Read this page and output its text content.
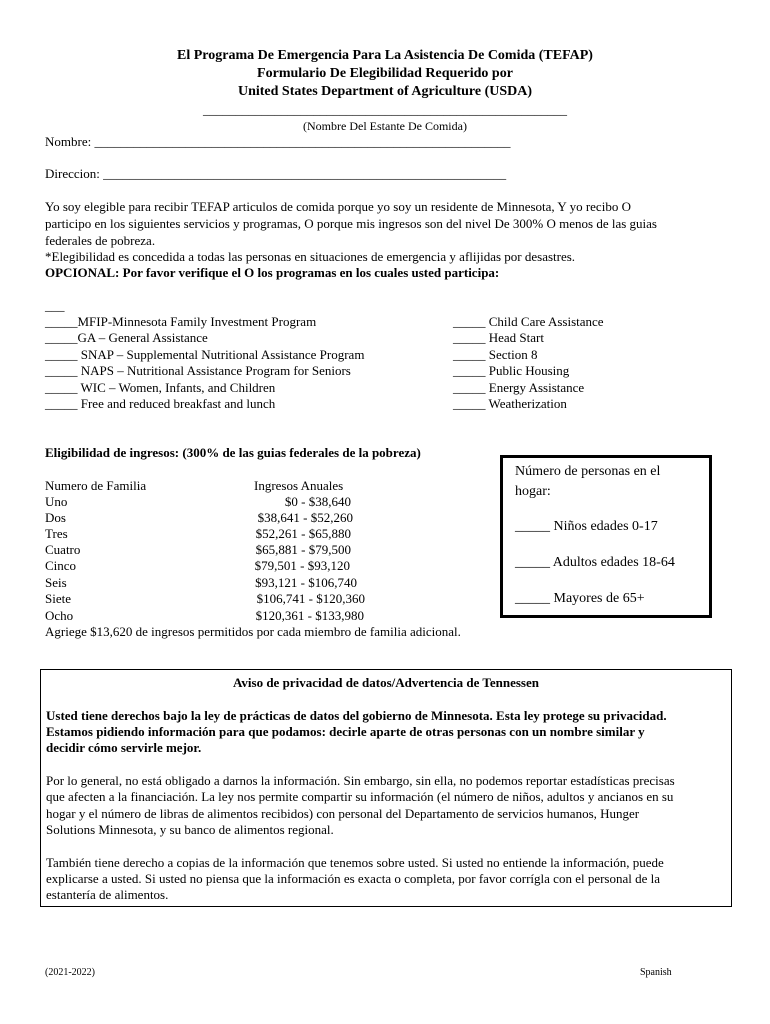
El Programa De Emergencia Para La Asistencia De Comida (TEFAP)
Formulario De Elegibilidad Requerido por
United States Department of Agriculture (USDA)
________________________________________________________
(Nombre Del Estante De Comida)
Nombre: ________________________________________________________________
Direccion: ______________________________________________________________
Yo soy elegible para recibir TEFAP articulos de comida porque yo soy un residente de Minnesota, Y yo recibo O
participo en los siguientes servicios y programas, O porque mis ingresos son del nivel De 300% O menos de las guias
federales de pobreza.
*Elegibilidad es concedida a todas las personas en situaciones de emergencia y aflijidas por desastres.
OPCIONAL: Por favor verifique el O los programas en los cuales usted participa:
___
_____MFIP-Minnesota Family Investment Program
_____GA – General Assistance
_____ SNAP – Supplemental Nutritional Assistance Program
_____ NAPS – Nutritional Assistance Program for Seniors
_____ WIC – Women, Infants, and Children
_____ Free and reduced breakfast and lunch
_____ Child Care Assistance
_____ Head Start
_____ Section 8
_____ Public Housing
_____ Energy Assistance
_____ Weatherization
Eligibilidad de ingresos: (300% de las guias federales de la pobreza)
Numero de Familia	Ingresos Anuales
Uno	$0 - $38,640
Dos	$38,641 - $52,260
Tres	$52,261 - $65,880
Cuatro	$65,881 - $79,500
Cinco	$79,501 - $93,120
Seis	$93,121 - $106,740
Siete	$106,741 - $120,360
Ocho	$120,361 - $133,980
Agriege $13,620 de ingresos permitidos por cada miembro de familia adicional.
Número de personas en el
hogar:
_____ Niños edades 0-17
_____ Adultos edades 18-64
_____ Mayores de 65+
Aviso de privacidad de datos/Advertencia de Tennessen
Usted tiene derechos bajo la ley de prácticas de datos del gobierno de Minnesota. Esta ley protege su privacidad.
Estamos pidiendo información para que podamos: decirle aparte de otras personas con un nombre similar y
decidir cómo servirle mejor.
Por lo general, no está obligado a darnos la información. Sin embargo, sin ella, no podemos reportar estadísticas precisas
que afecten a la financiación. La ley nos permite compartir su información (el número de niños, adultos y ancianos en su
hogar y el número de libras de alimentos recibidos) con personal del Departamento de servicios humanos, Hunger
Solutions Minnesota, y su banco de alimentos regional.
También tiene derecho a copias de la información que tenemos sobre usted. Si usted no entiende la información, puede
explicarse a usted. Si usted no piensa que la información es exacta o completa, por favor corrígla con el personal de la
estantería de alimentos.
(2021-2022)	Spanish
